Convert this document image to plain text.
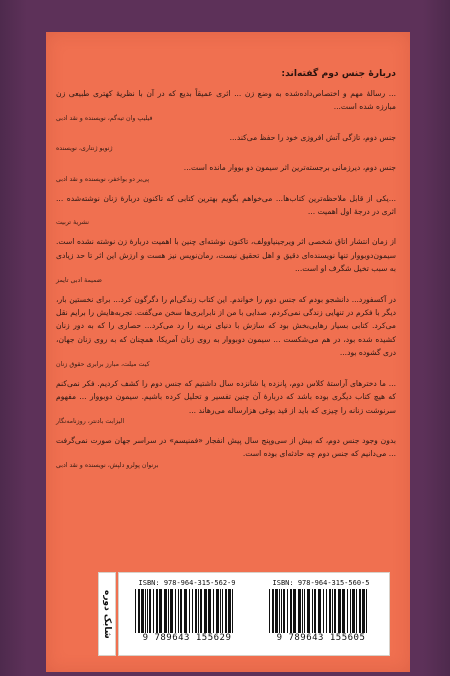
دربارهٔ جنس دوم گفته‌اند:
... رسالهٔ مهم و اختصاص‌داده‌شده به وضع زن ... اثری عمیقاً بدیع که در آن با نظریهٔ کهتری طبیعی زن مبارزه شده است...
فیلیپ وان تیه‌گم، نویسنده و نقد ادبی
جنس دوم، تازگی آتش افروزی خود را حفظ می‌کند...
ژنویو ژنتاری، نویسنده
جنس دوم، دیرزمانی برجسته‌ترین اثر سیمون دو بووار مانده است...
پی‌یر دو بواخفر، نویسنده و نقد ادبی
...یکی از قابل ملاحظه‌ترین کتاب‌ها... می‌خواهم بگویم بهترین کتابی که تاکنون دربارهٔ زنان نوشته‌شده ... اثری در درجهٔ اول اهمیت ...
نشریهٔ تربیت
از زمان انتشار اتاق شخصی اثر ویرجینیاوولف، تاکنون نوشته‌ای چنین با اهمیت دربارهٔ زن نوشته نشده است. سیمون‌دوبووار تنها نویسنده‌ای دقیق و اهل تحقیق نیست، رمان‌نویس نیز هست و ارزش این اثر تا حد زیادی به سبب تخیل شگرف او است...
ضمیمهٔ ادبی تایمز
در آکسفورد... دانشجو بودم که جنس دوم را خواندم. این کتاب زندگی‌ام را دگرگون کرد... برای نخستین بار، دیگر با فکرم در تنهایی زندگی نمی‌کردم. صدایی با من از نابرابری‌ها سخن می‌گفت. تجربه‌هایش را برایم نقل می‌کرد. کتابی بسیار رهایی‌بخش بود که سازش با دنیای نرینه را رد می‌کرد... حصاری را که به دور زنان کشیده شده بود، در هم می‌شکست ... سیمون دوبووار به روی زنان آمریکا، همچنان که به روی زنان جهان، دری گشوده بود...
کیت میلت، مبارز برابری حقوق زنان
... ما دخترهای آراستهٔ کلاس دوم، پانزده یا شانزده سال داشتیم که جنس دوم را کشف کردیم. فکر نمی‌کنم که هیچ کتاب دیگری بوده باشد که دربارهٔ آن چنین تفسیر و تحلیل کرده باشیم. سیمون دوبووار ... مفهوم سرنوشت زنانه را چیزی که باید از قید بوغی هزارساله می‌رهاند ...
الیزابت بادنتر، روزنامه‌نگار
بدون وجود جنس دوم، که بیش از سی‌وپنج سال پیش انفجار «فمنیسم» در سراسر جهان صورت نمی‌گرفت ... می‌دانیم که جنس دوم چه حادثه‌ای بوده است.
برنوان پولرو دلپش، نویسنده و نقد ادبی
شابک دوره
ISBN: 978-964-315-562-9
9 789643 155629
ISBN: 978-964-315-560-5
9 789643 155605
